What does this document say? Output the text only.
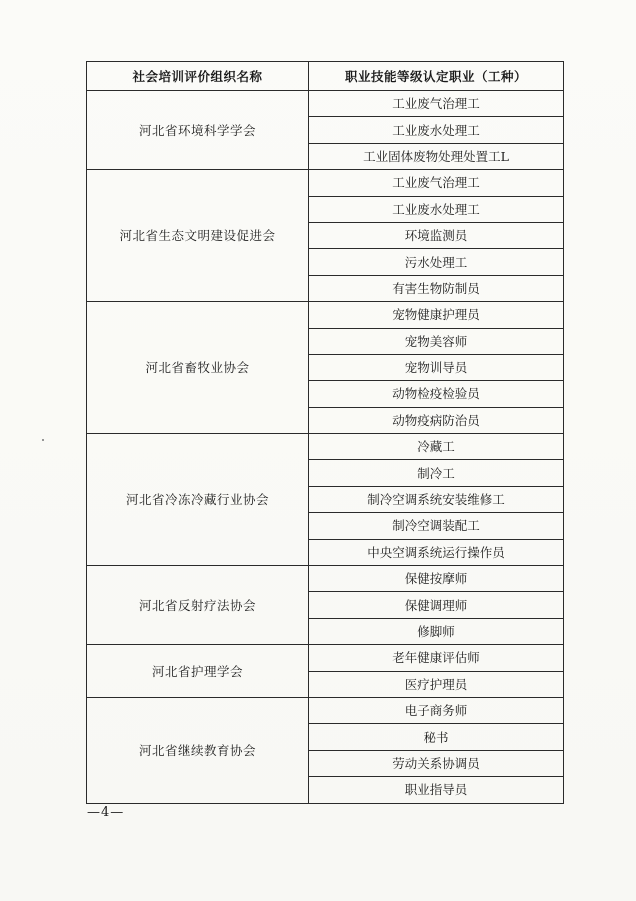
社会培训评价组织名称	职业技能等级认定职业（工种）
河北省环境科学学会	工业废气治理工
	工业废水处理工
	工业固体废物处理处置工L
河北省生态文明建设促进会	工业废气治理工
	工业废水处理工
	环境监测员
	污水处理工
	有害生物防制员
河北省畜牧业协会	宠物健康护理员
	宠物美容师
	宠物训导员
	动物检疫检验员
	动物疫病防治员
河北省冷冻冷藏行业协会	冷藏工
	制冷工
	制冷空调系统安装维修工
	制冷空调装配工
	中央空调系统运行操作员
河北省反射疗法协会	保健按摩师
	保健调理师
	修脚师
河北省护理学会	老年健康评估师
	医疗护理员
河北省继续教育协会	电子商务师
	秘书
	劳动关系协调员
	职业指导员
—4—
